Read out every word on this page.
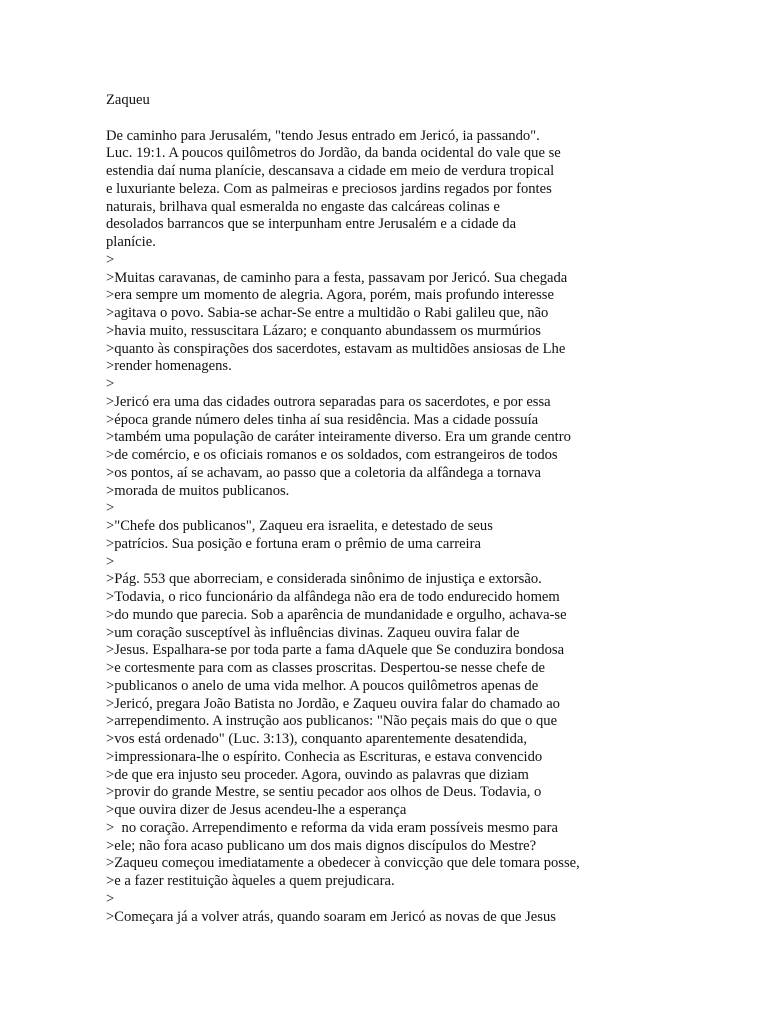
Zaqueu
De caminho para Jerusalém, "tendo Jesus entrado em Jericó, ia passando".
Luc. 19:1. A poucos quilômetros do Jordão, da banda ocidental do vale que se
estendia daí numa planície, descansava a cidade em meio de verdura tropical
e luxuriante beleza. Com as palmeiras e preciosos jardins regados por fontes
naturais, brilhava qual esmeralda no engaste das calcáreas colinas e
desolados barrancos que se interpunham entre Jerusalém e a cidade da
planície.
>
>Muitas caravanas, de caminho para a festa, passavam por Jericó. Sua chegada
>era sempre um momento de alegria. Agora, porém, mais profundo interesse
>agitava o povo. Sabia-se achar-Se entre a multidão o Rabi galileu que, não
>havia muito, ressuscitara Lázaro; e conquanto abundassem os murmúrios
>quanto às conspirações dos sacerdotes, estavam as multidões ansiosas de Lhe
>render homenagens.
>
>Jericó era uma das cidades outrora separadas para os sacerdotes, e por essa
>época grande número deles tinha aí sua residência. Mas a cidade possuía
>também uma população de caráter inteiramente diverso. Era um grande centro
>de comércio, e os oficiais romanos e os soldados, com estrangeiros de todos
>os pontos, aí se achavam, ao passo que a coletoria da alfândega a tornava
>morada de muitos publicanos.
>
>"Chefe dos publicanos", Zaqueu era israelita, e detestado de seus
>patrícios. Sua posição e fortuna eram o prêmio de uma carreira
>
>Pág. 553 que aborreciam, e considerada sinônimo de injustiça e extorsão.
>Todavia, o rico funcionário da alfândega não era de todo endurecido homem
>do mundo que parecia. Sob a aparência de mundanidade e orgulho, achava-se
>um coração susceptível às influências divinas. Zaqueu ouvira falar de
>Jesus. Espalhara-se por toda parte a fama dAquele que Se conduzira bondosa
>e cortesmente para com as classes proscritas. Despertou-se nesse chefe de
>publicanos o anelo de uma vida melhor. A poucos quilômetros apenas de
>Jericó, pregara João Batista no Jordão, e Zaqueu ouvira falar do chamado ao
>arrependimento. A instrução aos publicanos: "Não peçais mais do que o que
>vos está ordenado" (Luc. 3:13), conquanto aparentemente desatendida,
>impressionara-lhe o espírito. Conhecia as Escrituras, e estava convencido
>de que era injusto seu proceder. Agora, ouvindo as palavras que diziam
>provir do grande Mestre, se sentiu pecador aos olhos de Deus. Todavia, o
>que ouvira dizer de Jesus acendeu-lhe a esperança
>  no coração. Arrependimento e reforma da vida eram possíveis mesmo para
>ele; não fora acaso publicano um dos mais dignos discípulos do Mestre?
>Zaqueu começou imediatamente a obedecer à convicção que dele tomara posse,
>e a fazer restituição àqueles a quem prejudicara.
>
>Começara já a volver atrás, quando soaram em Jericó as novas de que Jesus
